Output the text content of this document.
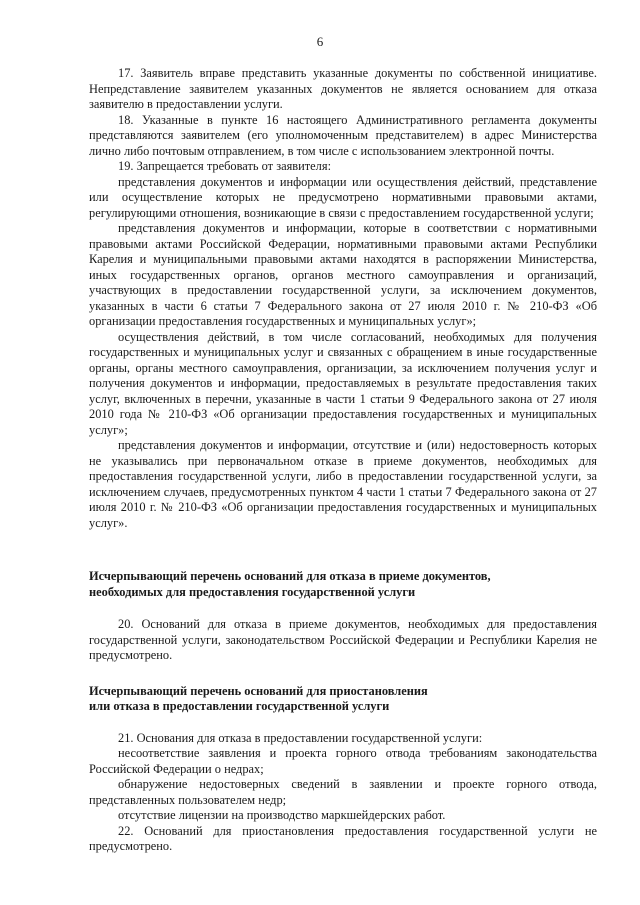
6

17. Заявитель вправе представить указанные документы по собственной инициативе. Непредставление заявителем указанных документов не является основанием для отказа заявителю в предоставлении услуги.

18. Указанные в пункте 16 настоящего Административного регламента документы представляются заявителем (его уполномоченным представителем) в адрес Министерства лично либо почтовым отправлением, в том числе с использованием электронной почты.

19. Запрещается требовать от заявителя:

представления документов и информации или осуществления действий, представление или осуществление которых не предусмотрено нормативными правовыми актами, регулирующими отношения, возникающие в связи с предоставлением государственной услуги;

представления документов и информации, которые в соответствии с нормативными правовыми актами Российской Федерации, нормативными правовыми актами Республики Карелия и муниципальными правовыми актами находятся в распоряжении Министерства, иных государственных органов, органов местного самоуправления и организаций, участвующих в предоставлении государственной услуги, за исключением документов, указанных в части 6 статьи 7 Федерального закона от 27 июля 2010 г. № 210-ФЗ «Об организации предоставления государственных и муниципальных услуг»;

осуществления действий, в том числе согласований, необходимых для получения государственных и муниципальных услуг и связанных с обращением в иные государственные органы, органы местного самоуправления, организации, за исключением получения услуг и получения документов и информации, предоставляемых в результате предоставления таких услуг, включенных в перечни, указанные в части 1 статьи 9 Федерального закона от 27 июля 2010 года № 210-ФЗ «Об организации предоставления государственных и муниципальных услуг»;

представления документов и информации, отсутствие и (или) недостоверность которых не указывались при первоначальном отказе в приеме документов, необходимых для предоставления государственной услуги, либо в предоставлении государственной услуги, за исключением случаев, предусмотренных пунктом 4 части 1 статьи 7 Федерального закона от 27 июля 2010 г. № 210-ФЗ «Об организации предоставления государственных и муниципальных услуг».

Исчерпывающий перечень оснований для отказа в приеме документов,
необходимых для предоставления государственной услуги

20. Оснований для отказа в приеме документов, необходимых для предоставления государственной услуги, законодательством Российской Федерации и Республики Карелия не предусмотрено.

Исчерпывающий перечень оснований для приостановления
или отказа в предоставлении государственной услуги

21. Основания для отказа в предоставлении государственной услуги:

несоответствие заявления и проекта горного отвода требованиям законодательства Российской Федерации о недрах;

обнаружение недостоверных сведений в заявлении и проекте горного отвода, представленных пользователем недр;

отсутствие лицензии на производство маркшейдерских работ.

22. Оснований для приостановления предоставления государственной услуги не предусмотрено.
